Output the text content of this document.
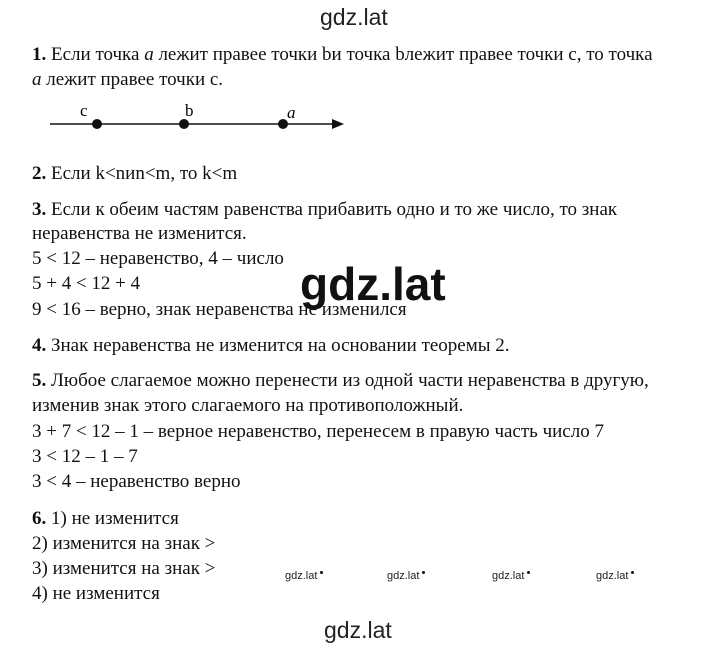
gdz.lat
1. Если точка a лежит правее точки bи точка bлежит правее точки с, то точка
a лежит правее точки с.
c	b	a
2. Если k<nиn<m, то k<m
3. Если к обеим частям равенства прибавить одно и то же число, то знак
неравенства не изменится.
5 < 12 – неравенство, 4 – число
5 + 4 < 12 + 4
9 < 16 – верно, знак неравенства не изменился
gdz.lat
4. Знак неравенства не изменится на основании теоремы 2.
5. Любое слагаемое можно перенести из одной части неравенства в другую,
изменив знак этого слагаемого на противоположный.
3 + 7 < 12 – 1 – верное неравенство, перенесем в правую часть число 7
3 < 12 – 1 – 7
3 < 4 – неравенство верно
6. 1) не изменится
2) изменится на знак >
3) изменится на знак >
4) не изменится
gdz.lat	gdz.lat	gdz.lat	gdz.lat
gdz.lat
